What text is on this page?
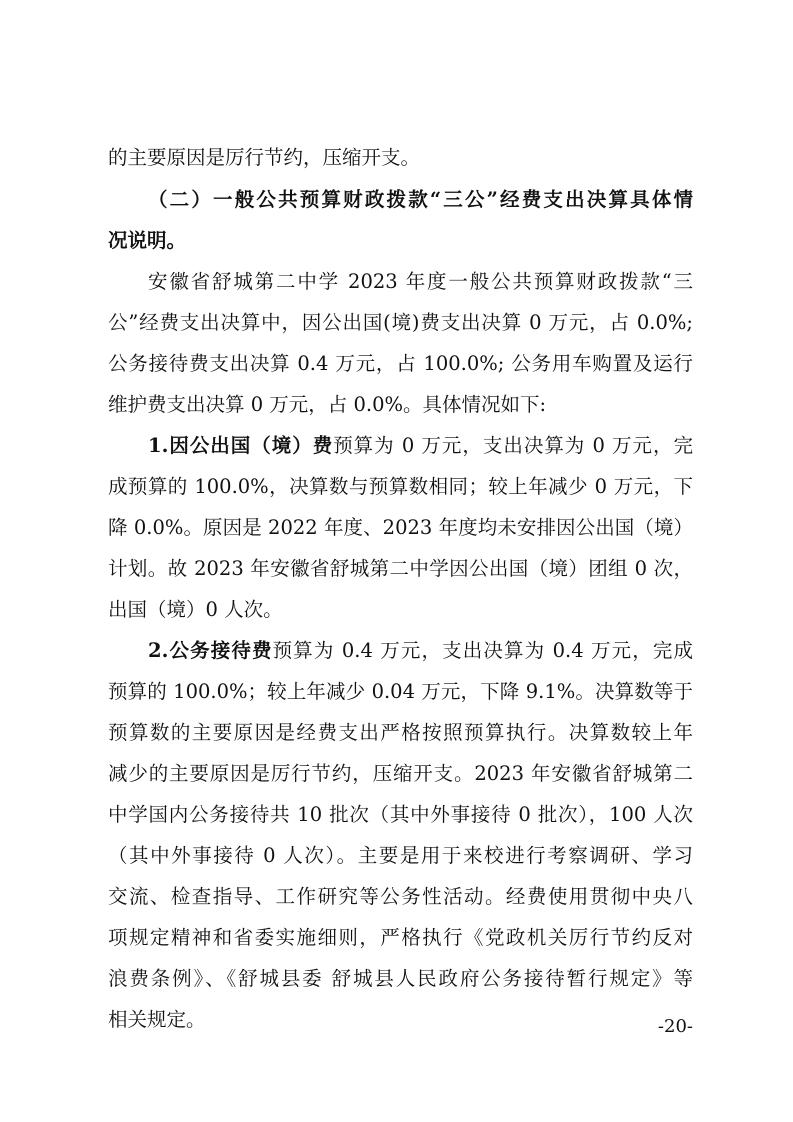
的主要原因是厉行节约，压缩开支。
（二）一般公共预算财政拨款“三公”经费支出决算具体情
况说明。
安徽省舒城第二中学 2023 年度一般公共预算财政拨款“三
公”经费支出决算中，因公出国(境)费支出决算 0 万元，占 0.0%;
公务接待费支出决算 0.4 万元，占 100.0%; 公务用车购置及运行
维护费支出决算 0 万元，占 0.0%。具体情况如下:
1.因公出国（境）费预算为 0 万元，支出决算为 0 万元，完
成预算的 100.0%，决算数与预算数相同；较上年减少 0 万元，下
降 0.0%。原因是 2022 年度、2023 年度均未安排因公出国（境）
计划。故 2023 年安徽省舒城第二中学因公出国（境）团组 0 次，
出国（境）0 人次。
2.公务接待费预算为 0.4 万元，支出决算为 0.4 万元，完成
预算的 100.0%；较上年减少 0.04 万元，下降 9.1%。决算数等于
预算数的主要原因是经费支出严格按照预算执行。决算数较上年
减少的主要原因是厉行节约，压缩开支。2023 年安徽省舒城第二
中学国内公务接待共 10 批次（其中外事接待 0 批次），100 人次
（其中外事接待 0 人次）。主要是用于来校进行考察调研、学习
交流、检查指导、工作研究等公务性活动。经费使用贯彻中央八
项规定精神和省委实施细则，严格执行《党政机关厉行节约反对
浪费条例》、《舒城县委 舒城县人民政府公务接待暂行规定》等
相关规定。	-20-
